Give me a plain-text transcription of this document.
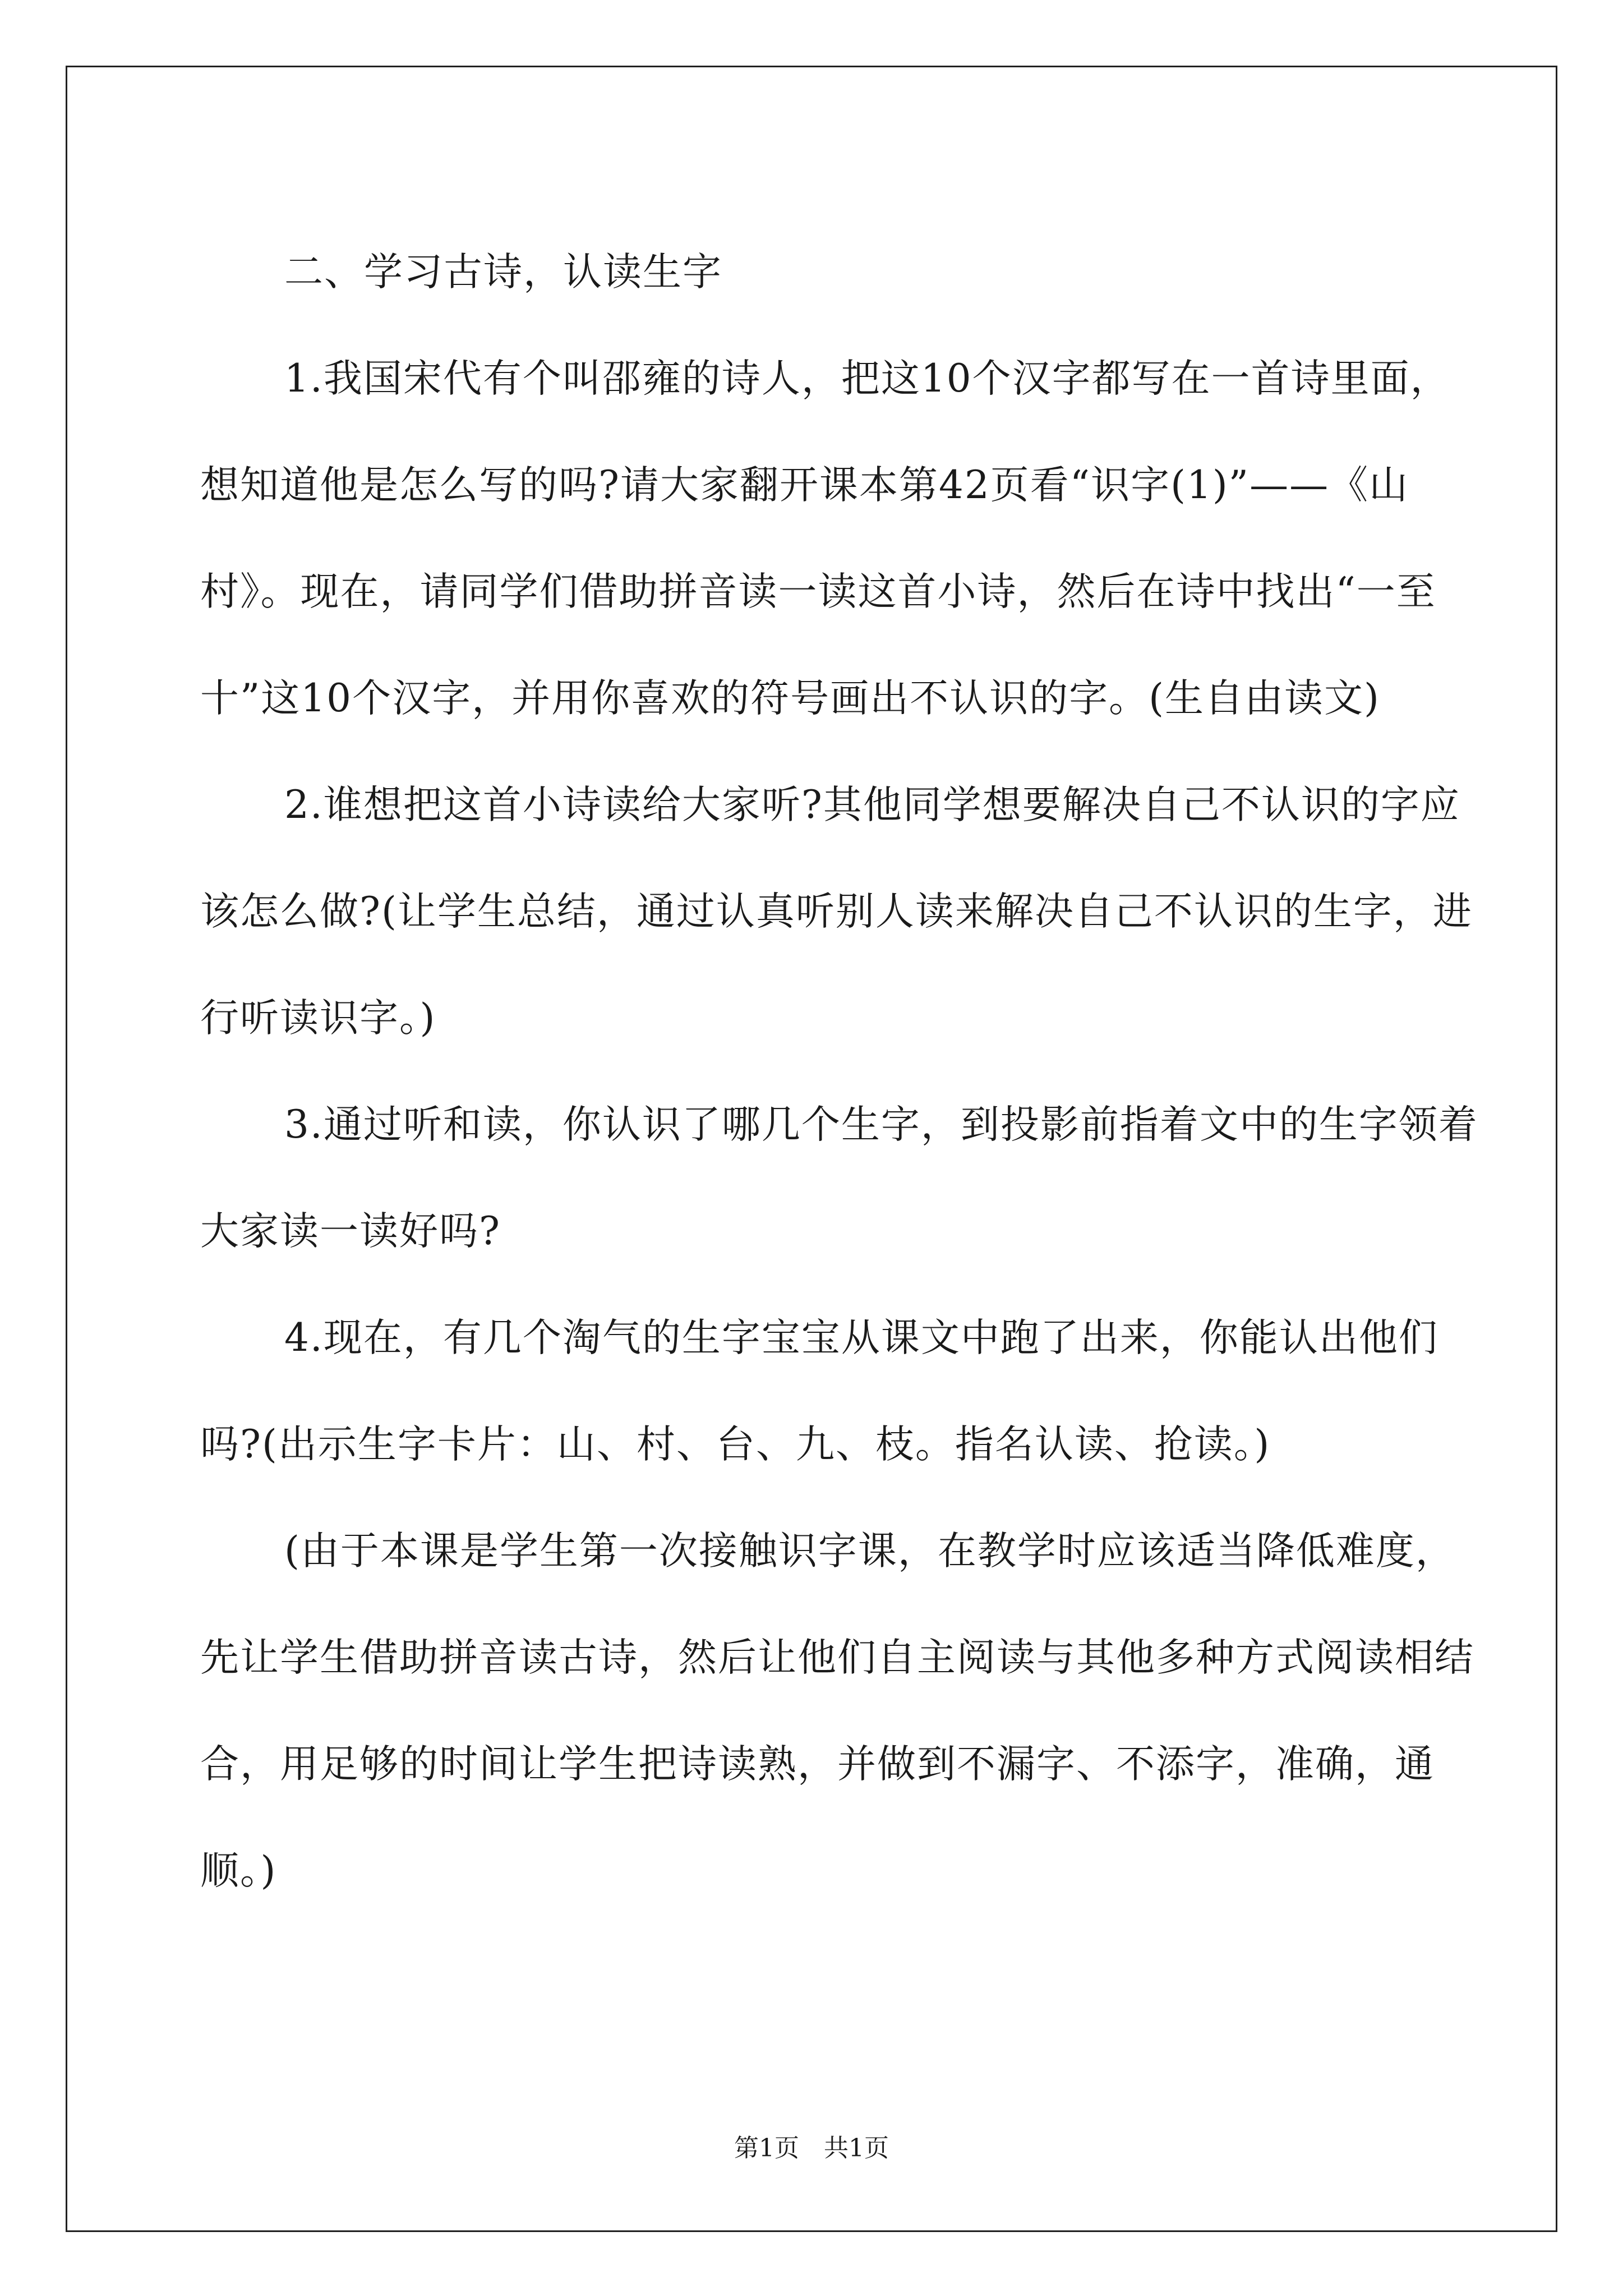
二、学习古诗，认读生字

1.我国宋代有个叫邵雍的诗人，把这10个汉字都写在一首诗里面，想知道他是怎么写的吗?请大家翻开课本第42页看“识字(1)”——《山村》。现在，请同学们借助拼音读一读这首小诗，然后在诗中找出“一至十”这10个汉字，并用你喜欢的符号画出不认识的字。(生自由读文)

2.谁想把这首小诗读给大家听?其他同学想要解决自己不认识的字应该怎么做?(让学生总结，通过认真听别人读来解决自己不认识的生字，进行听读识字。)

3.通过听和读，你认识了哪几个生字，到投影前指着文中的生字领着大家读一读好吗?

4.现在，有几个淘气的生字宝宝从课文中跑了出来，你能认出他们吗?(出示生字卡片：山、村、台、九、枝。指名认读、抢读。)

(由于本课是学生第一次接触识字课，在教学时应该适当降低难度，先让学生借助拼音读古诗，然后让他们自主阅读与其他多种方式阅读相结合，用足够的时间让学生把诗读熟，并做到不漏字、不添字，准确，通顺。)

第1页　共1页
